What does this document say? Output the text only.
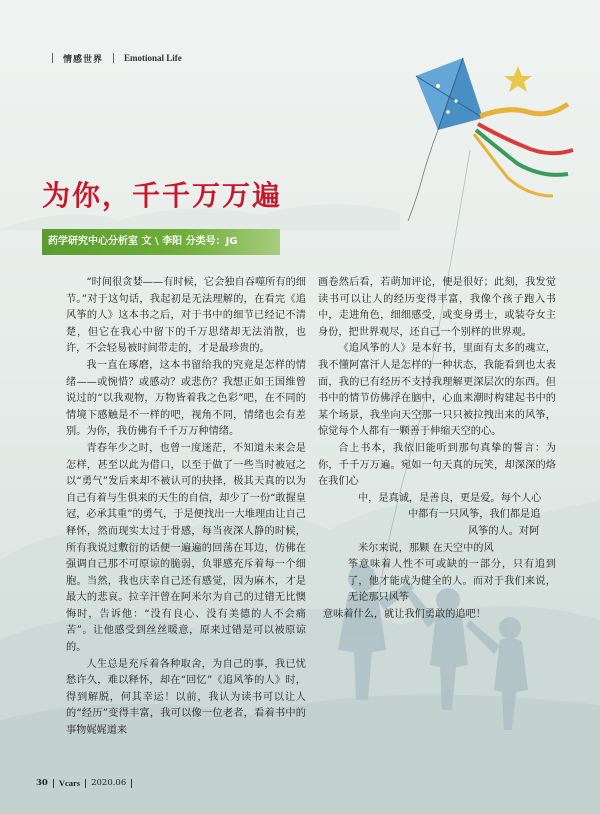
情感世界 Emotional Life
为你，千千万万遍
药学研究中心分析室 文 \ 李阳 分类号：JG

“时间很贪婪——有时候，它会独自吞噬所有的细节。”对于这句话，我起初是无法理解的，在看完《追风筝的人》这本书之后，对于书中的细节已经记不清楚，但它在我心中留下的千万思绪却无法消散，也许，不会轻易被时间带走的，才是最珍贵的。

我一直在琢磨，这本书留给我的究竟是怎样的情绪——或惋惜？或感动？或悲伤？我想正如王国维曾说过的“以我观物，万物皆着我之色彩”吧，在不同的情境下感触是不一样的吧，视角不同，情绪也会有差别。为你，我仿佛有千千万万种情绪。

青春年少之时，也曾一度迷茫，不知道未来会是怎样，甚至以此为借口，以至于做了一些当时被冠之以“勇气”发后来却不被认可的抉择，极其天真的以为自己有着与生俱来的天生的自信，却少了一份“敢握皇冠，必承其重”的勇气，于是便找出一大堆理由让自己释怀，然而现实太过于骨感，每当夜深人静的时候，所有我说过敷衍的话便一遍遍的回荡在耳边，仿佛在强调自己那不可原谅的脆弱，负罪感充斥着每一个细胞。当然，我也庆幸自己还有感觉，因为麻木，才是最大的悲哀。拉辛汗曾在阿米尔为自己的过错无比懊悔时，告诉他：“没有良心、没有美德的人不会痛苦”。让他感受到丝丝暖意，原来过错是可以被原谅的。

人生总是充斥着各种取舍，为自己的事，我已忧愁许久，难以释怀，却在“回忆”《追风筝的人》时，得到解脱，何其幸运！以前，我认为读书可以让人的“经历”变得丰富，我可以像一位老者，看着书中的事物娓娓道来

画卷然后看，若萌加评论，便是很好；此刻，我发觉读书可以让人的经历变得丰富，我像个孩子跑入书中，走进角色，细细感受，或变身勇士，或装夺女主身份，把世界观尽，还自己一个别样的世界观。

《追风筝的人》是本好书，里面有太多的魂立，我不懂阿富汗人是怎样的一种状态，我能看到也太表面，我的已有经历不支持我理解更深层次的东西。但书中的情节仿佛浮在脑中，心血来潮时构建起书中的某个场景，我坐向天空那一只只被拉拽出来的风筝，惊觉每个人都有一颗善于伸缩天空的心。

合上书本，我依旧能听到那句真挚的誓言：为你，千千万万遍。宛如一句天真的玩笑，却深深的烙在我们心

中，是真诚，是善良，更是爱。每个人心

中都有一只风筝，我们都是追

风筝的人。对阿

米尔来说，那颗 在天空中的风

筝意味着人性不可或缺的一部分，只有追到了，他才能成为健全的人。而对于我们来说，无论那只风筝

意味着什么，就让我们勇敢的追吧！

30 Vcars 2020.06
